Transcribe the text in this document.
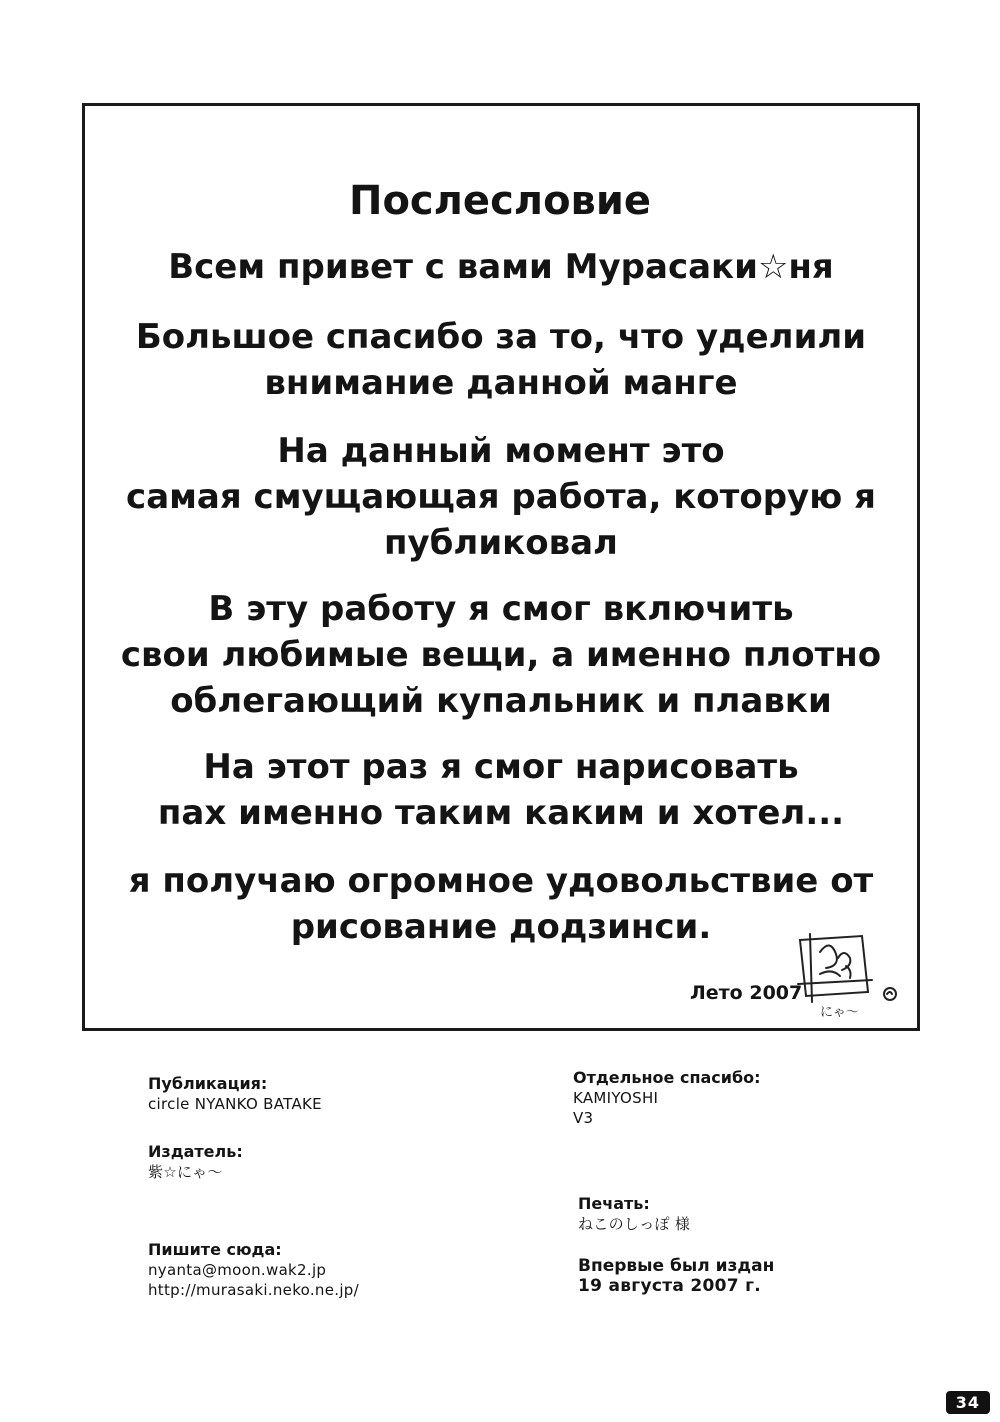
Послесловие

Всем привет с вами Мурасаки☆ня

Большое спасибо за то, что уделили
внимание данной манге

На данный момент это
самая смущающая работа, которую я
публиковал

В эту работу я смог включить
свои любимые вещи, а именно плотно
облегающий купальник и плавки

На этот раз я смог нарисовать
пах именно таким каким и хотел...

я получаю огромное удовольствие от
рисование додзинси.

Лето 2007
にゃ〜
Публикация:
circle NYANKO BATAKE
Издатель:
紫☆にゃ〜
Пишите сюда:
nyanta@moon.wak2.jp
http://murasaki.neko.ne.jp/
Отдельное спасибо:
KAMIYOSHI
V3
Печать:
ねこのしっぽ 様
Впервые был издан
19 августа 2007 г.
34
